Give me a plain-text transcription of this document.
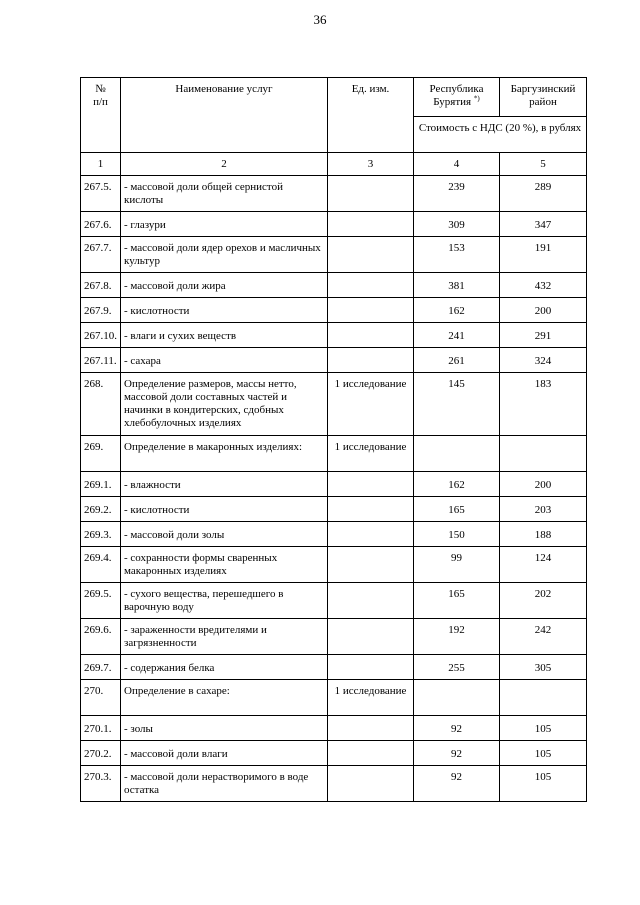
36
№
п/п	Наименование услуг	Ед. изм.	Республика Бурятия *)	Баргузинский район
			Стоимость с НДС (20 %), в рублях	
1	2	3	4	5
267.5.	- массовой доли общей сернистой кислоты		239	289
267.6.	- глазури		309	347
267.7.	- массовой доли ядер орехов и масличных культур		153	191
267.8.	- массовой доли жира		381	432
267.9.	- кислотности		162	200
267.10.	- влаги и сухих веществ		241	291
267.11.	- сахара		261	324
268.	Определение размеров, массы нетто, массовой доли составных частей и начинки в кондитерских, сдобных хлебобулочных изделиях	1 исследование	145	183
269.	Определение в макаронных изделиях:	1 исследование		
269.1.	- влажности		162	200
269.2.	- кислотности		165	203
269.3.	- массовой доли золы		150	188
269.4.	- сохранности формы сваренных макаронных изделиях		99	124
269.5.	- сухого вещества, перешедшего в варочную воду		165	202
269.6.	- зараженности вредителями и загрязненности		192	242
269.7.	- содержания белка		255	305
270.	Определение в сахаре:	1 исследование		
270.1.	- золы		92	105
270.2.	- массовой доли влаги		92	105
270.3.	- массовой доли нерастворимого в воде остатка		92	105
